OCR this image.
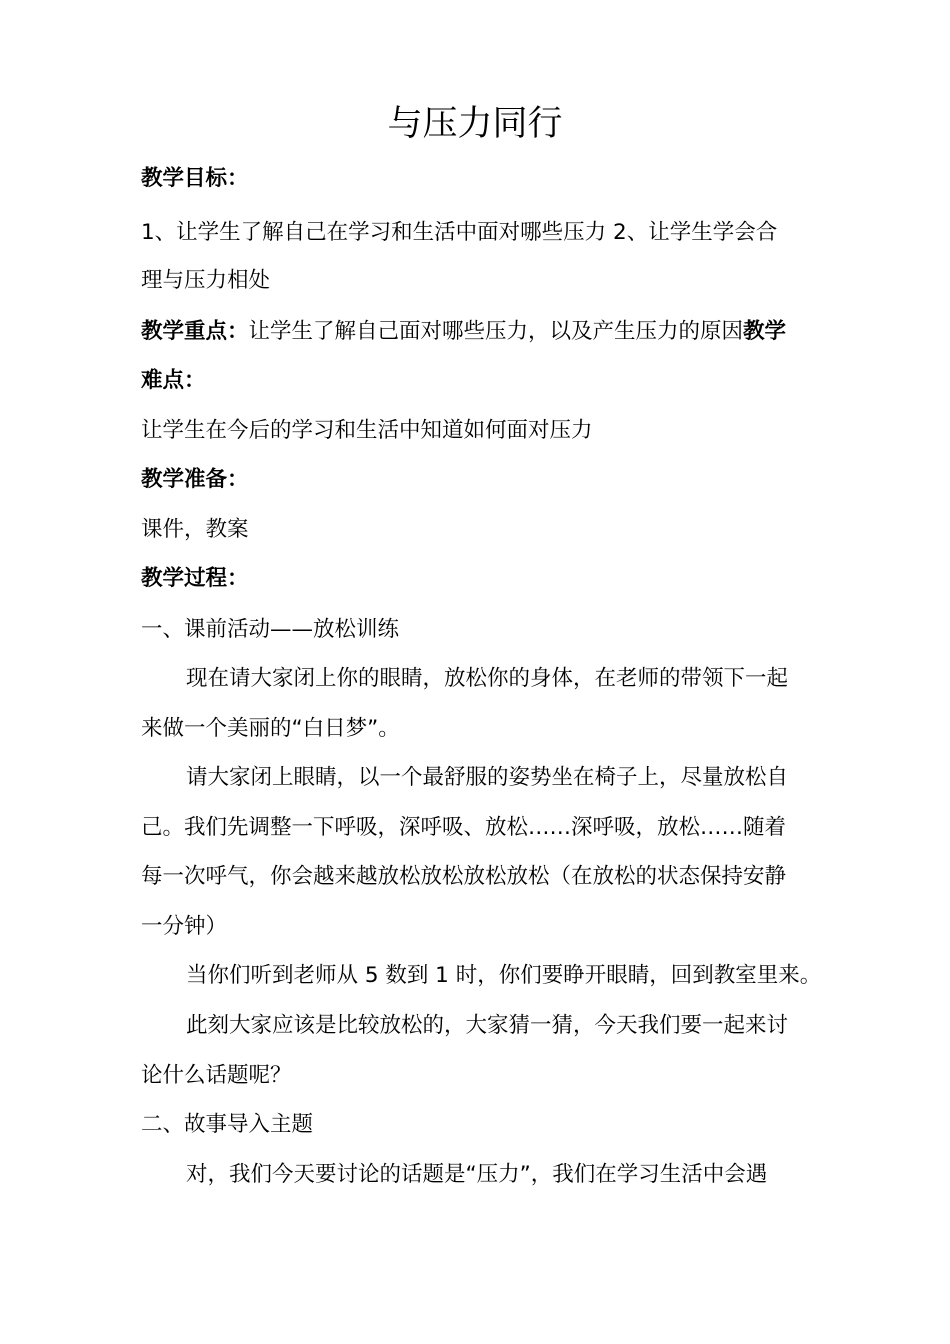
与压力同行
教学目标：
1、让学生了解自己在学习和生活中面对哪些压力 2、让学生学会合
理与压力相处
教学重点：让学生了解自己面对哪些压力，以及产生压力的原因教学
难点：
让学生在今后的学习和生活中知道如何面对压力
教学准备：
课件，教案
教学过程：
一、课前活动——放松训练
现在请大家闭上你的眼睛，放松你的身体，在老师的带领下一起
来做一个美丽的“白日梦”。
请大家闭上眼睛，以一个最舒服的姿势坐在椅子上，尽量放松自
己。我们先调整一下呼吸，深呼吸、放松……深呼吸，放松……随着
每一次呼气，你会越来越放松放松放松放松（在放松的状态保持安静
一分钟）
当你们听到老师从 5 数到 1 时，你们要睁开眼睛，回到教室里来。
此刻大家应该是比较放松的，大家猜一猜，今天我们要一起来讨
论什么话题呢？
二、故事导入主题
对，我们今天要讨论的话题是“压力”，我们在学习生活中会遇
